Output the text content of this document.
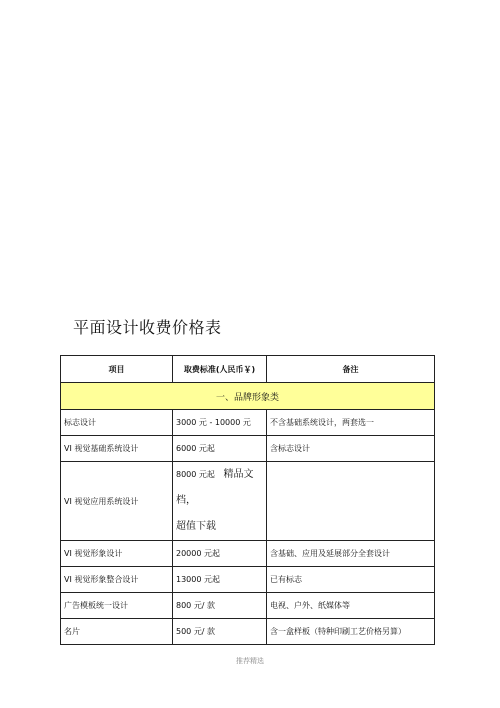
平面设计收费价格表
项目	取费标准(人民币￥)	备注
一、品牌形象类		
标志设计	3000 元 - 10000 元	不含基础系统设计，两套选一
VI 视觉基础系统设计	6000 元起	含标志设计
VI 视觉应用系统设计	8000 元起 精品文档，
超值下载	

VI 视觉形象设计	20000 元起	含基础、应用及延展部分全套设计
VI 视觉形象整合设计	13000 元起	已有标志
广告模板统一设计	800 元/ 款	电视、户外、纸媒体等
名片	500 元/ 款	含一盒样板（特种印刷工艺价格另算）
推荐精选
